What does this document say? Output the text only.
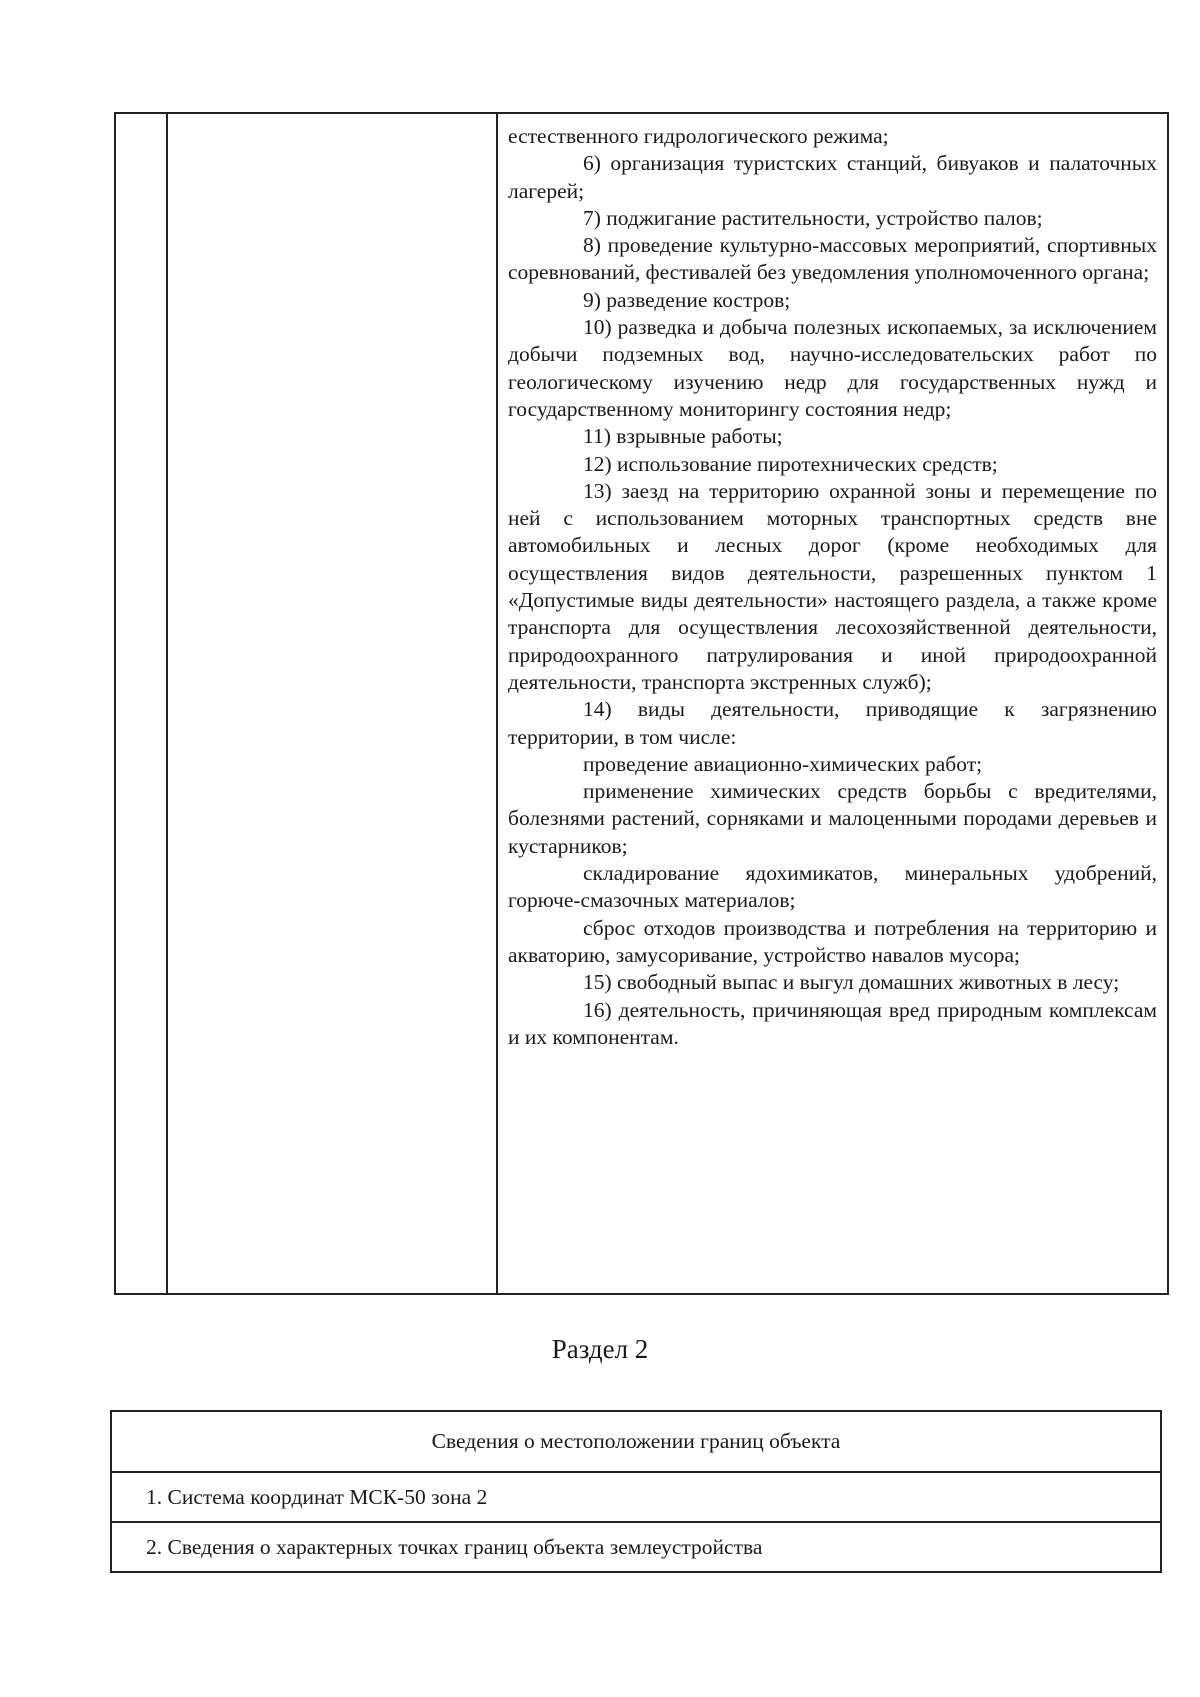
естественного гидрологического режима;

6) организация туристских станций, бивуаков и палаточных лагерей;

7) поджигание растительности, устройство палов;

8) проведение культурно-массовых мероприятий, спортивных соревнований, фестивалей без уведомления уполномоченного органа;

9) разведение костров;

10) разведка и добыча полезных ископаемых, за исключением добычи подземных вод, научно-исследовательских работ по геологическому изучению недр для государственных нужд и государственному мониторингу состояния недр;

11) взрывные работы;

12) использование пиротехнических средств;

13) заезд на территорию охранной зоны и перемещение по ней с использованием моторных транспортных средств вне автомобильных и лесных дорог (кроме необходимых для осуществления видов деятельности, разрешенных пунктом 1 «Допустимые виды деятельности» настоящего раздела, а также кроме транспорта для осуществления лесохозяйственной деятельности, природоохранного патрулирования и иной природоохранной деятельности, транспорта экстренных служб);

14) виды деятельности, приводящие к загрязнению территории, в том числе:

проведение авиационно-химических работ;

применение химических средств борьбы с вредителями, болезнями растений, сорняками и малоценными породами деревьев и кустарников;

складирование ядохимикатов, минеральных удобрений, горюче-смазочных материалов;

сброс отходов производства и потребления на территорию и акваторию, замусоривание, устройство навалов мусора;

15) свободный выпас и выгул домашних животных в лесу;

16) деятельность, причиняющая вред природным комплексам и их компонентам.

Раздел 2
Сведения о местоположении границ объекта
1. Система координат МСК-50 зона 2
2. Сведения о характерных точках границ объекта землеустройства
